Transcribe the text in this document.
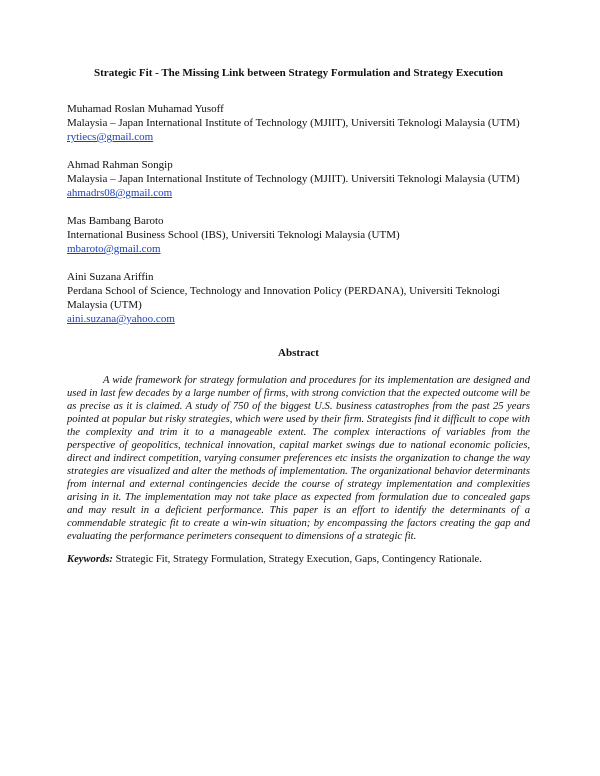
Strategic Fit - The Missing Link between Strategy Formulation and Strategy Execution
Muhamad Roslan Muhamad Yusoff
Malaysia – Japan International Institute of Technology (MJIIT), Universiti Teknologi Malaysia (UTM)
rytiecs@gmail.com
Ahmad Rahman Songip
Malaysia – Japan International Institute of Technology (MJIIT). Universiti Teknologi Malaysia (UTM)
ahmadrs08@gmail.com
Mas Bambang Baroto
International Business School (IBS), Universiti Teknologi Malaysia (UTM)
mbaroto@gmail.com
Aini Suzana Ariffin
Perdana School of Science, Technology and Innovation Policy (PERDANA), Universiti Teknologi Malaysia (UTM)
aini.suzana@yahoo.com
Abstract

A wide framework for strategy formulation and procedures for its implementation are designed and used in last few decades by a large number of firms, with strong conviction that the expected outcome will be as precise as it is claimed. A study of 750 of the biggest U.S. business catastrophes from the past 25 years pointed at popular but risky strategies, which were used by their firm. Strategists find it difficult to cope with the complexity and trim it to a manageable extent. The complex interactions of variables from the perspective of geopolitics, technical innovation, capital market swings due to national economic policies, direct and indirect competition, varying consumer preferences etc insists the organization to change the way strategies are visualized and alter the methods of implementation. The organizational behavior determinants from internal and external contingencies decide the course of strategy implementation and complexities arising in it. The implementation may not take place as expected from formulation due to concealed gaps and may result in a deficient performance. This paper is an effort to identify the determinants of a commendable strategic fit to create a win-win situation; by encompassing the factors creating the gap and evaluating the performance perimeters consequent to dimensions of a strategic fit.

Keywords: Strategic Fit, Strategy Formulation, Strategy Execution, Gaps, Contingency Rationale.
